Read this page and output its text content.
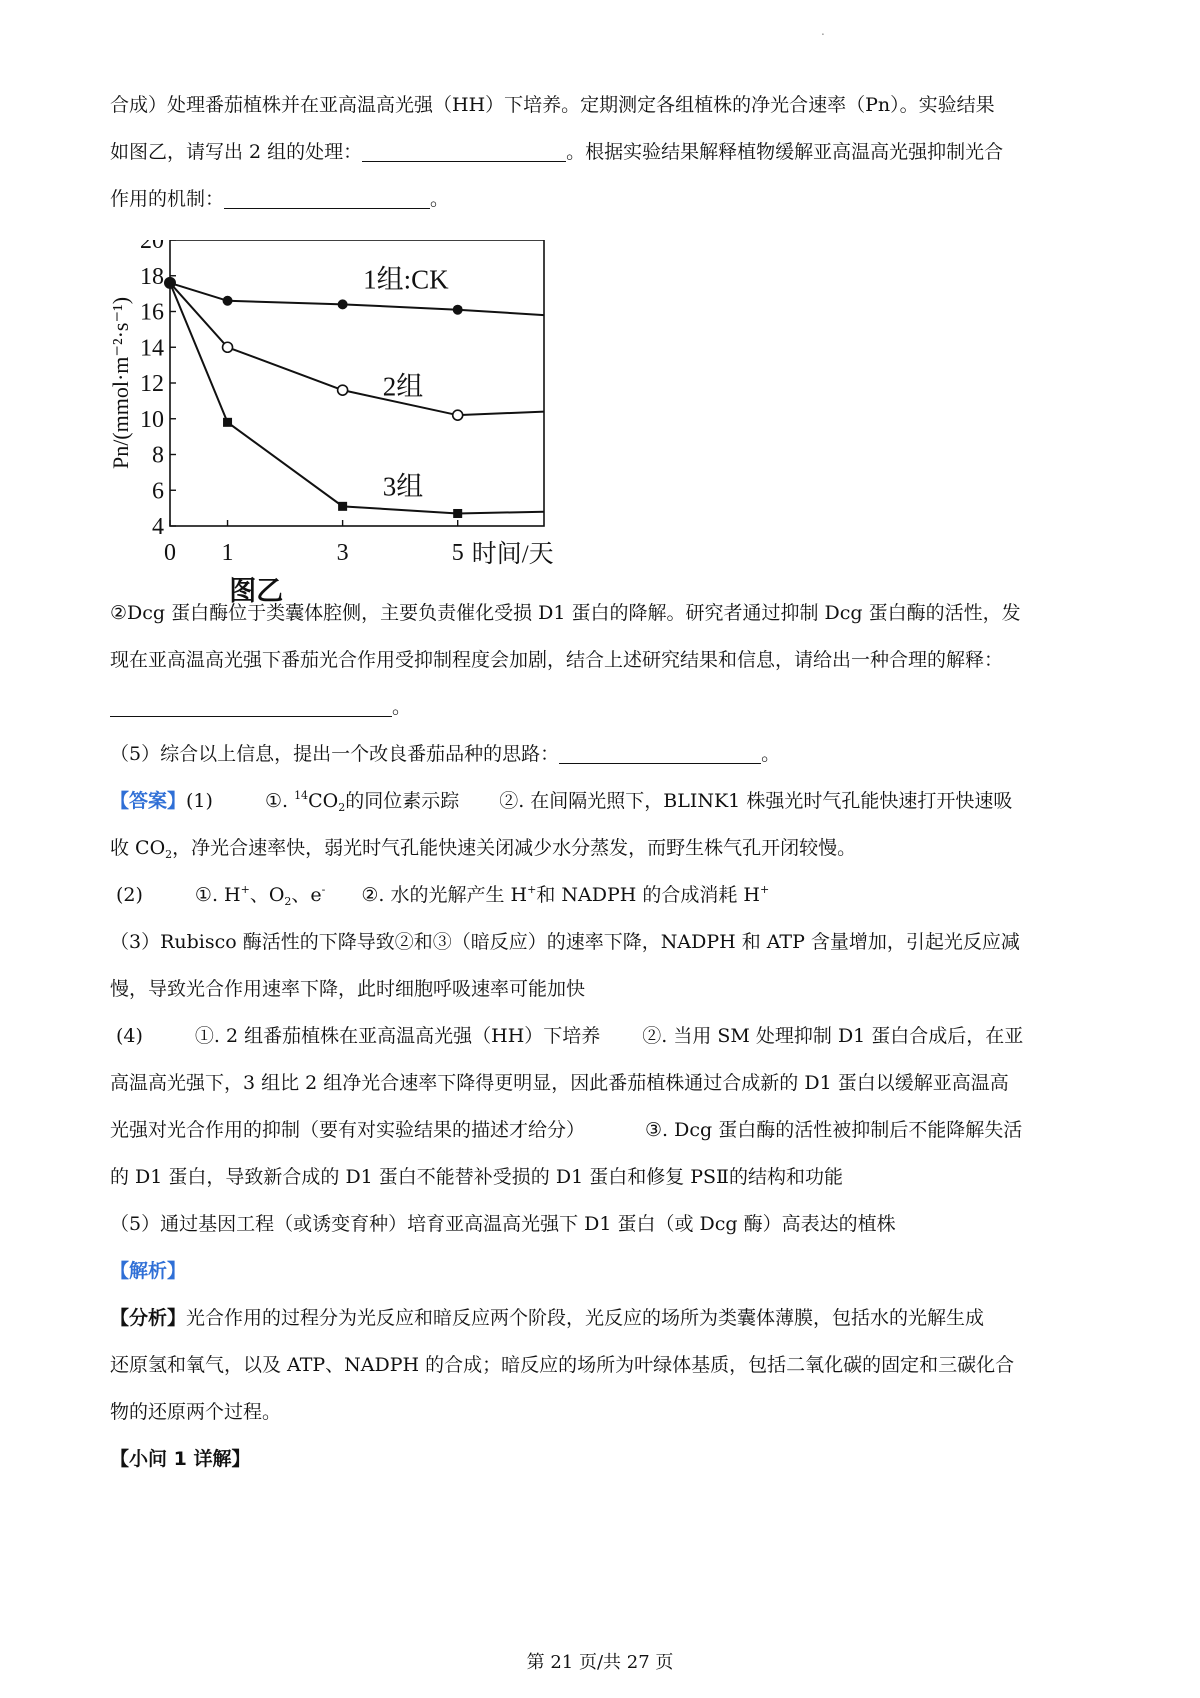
.
合成）处理番茄植株并在亚高温高光强（HH）下培养。定期测定各组植株的净光合速率（Pn）。实验结果
如图乙，请写出 2 组的处理：	。根据实验结果解释植物缓解亚高温高光强抑制光合
作用的机制：	。
4
6
8
10
12
14
16
18
20
0 1	3	5 时间/天
Pn/(mmol·m⁻²·s⁻¹)
图乙
1组:CK
2组
3组
②Dcg 蛋白酶位于类囊体腔侧，主要负责催化受损 D1 蛋白的降解。研究者通过抑制 Dcg 蛋白酶的活性，发
现在亚高温高光强下番茄光合作用受抑制程度会加剧，结合上述研究结果和信息，请给出一种合理的解释：
。
（5）综合以上信息，提出一个改良番茄品种的思路：	。
【答案】(1)	①. $^{14}CO_2$的同位素示踪 ②. 在间隔光照下，BLINK1 株强光时气孔能快速打开快速吸
收 $CO_2$，净光合速率快，弱光时气孔能快速关闭减少水分蒸发，而野生株气孔开闭较慢。
(2)	①. H+、$O_2$、e- ②. 水的光解产生 H+和 NADPH 的合成消耗 H+
（3）Rubisco 酶活性的下降导致②和③（暗反应）的速率下降，NADPH 和 ATP 含量增加，引起光反应减
慢，导致光合作用速率下降，此时细胞呼吸速率可能加快
(4)	①. 2 组番茄植株在亚高温高光强（HH）下培养 ②. 当用 SM 处理抑制 D1 蛋白合成后，在亚
高温高光强下，3 组比 2 组净光合速率下降得更明显，因此番茄植株通过合成新的 D1 蛋白以缓解亚高温高
光强对光合作用的抑制（要有对实验结果的描述才给分）	③. Dcg 蛋白酶的活性被抑制后不能降解失活
的 D1 蛋白，导致新合成的 D1 蛋白不能替补受损的 D1 蛋白和修复 PSⅡ的结构和功能
（5）通过基因工程（或诱变育种）培育亚高温高光强下 D1 蛋白（或 Dcg 酶）高表达的植株
【解析】
【分析】光合作用的过程分为光反应和暗反应两个阶段，光反应的场所为类囊体薄膜，包括水的光解生成
还原氢和氧气，以及 ATP、NADPH 的合成；暗反应的场所为叶绿体基质，包括二氧化碳的固定和三碳化合
物的还原两个过程。
【小问 1 详解】
第 21 页/共 27 页
